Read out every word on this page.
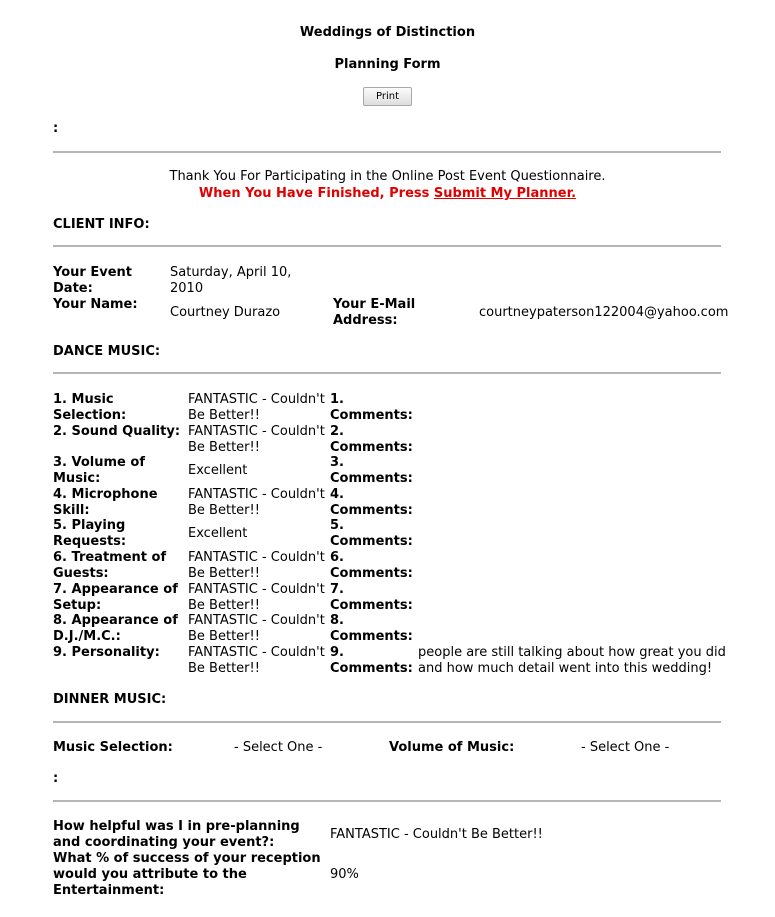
Weddings of Distinction
Planning Form
Print
:
Thank You For Participating in the Online Post Event Questionnaire.
When You Have Finished, Press Submit My Planner.
CLIENT INFO:
Your Event Date:
Saturday, April 10, 2010
Your Name:
Courtney Durazo
Your E-Mail Address:
courtneypaterson122004@yahoo.com
DANCE MUSIC:
1. Music Selection:
FANTASTIC - Couldn't Be Better!!
1. Comments:
2. Sound Quality: FANTASTIC - Couldn't Be Better!!
2. Comments:
3. Volume of Music:
Excellent
3. Comments:
4. Microphone Skill:
FANTASTIC - Couldn't Be Better!!
4. Comments:
5. Playing Requests:
Excellent
5. Comments:
6. Treatment of Guests:
FANTASTIC - Couldn't Be Better!!
6. Comments:
7. Appearance of Setup:
FANTASTIC - Couldn't Be Better!!
7. Comments:
8. Appearance of D.J./M.C.:
FANTASTIC - Couldn't Be Better!!
8. Comments:
9. Personality:	FANTASTIC - Couldn't Be Better!!
9. Comments:
people are still talking about how great you did and how much detail went into this wedding!
DINNER MUSIC:
Music Selection:	- Select One -	Volume of Music:	- Select One -
:
How helpful was I in pre-planning and coordinating your event?:
FANTASTIC - Couldn't Be Better!!
What % of success of your reception would you attribute to the Entertainment:
90%
